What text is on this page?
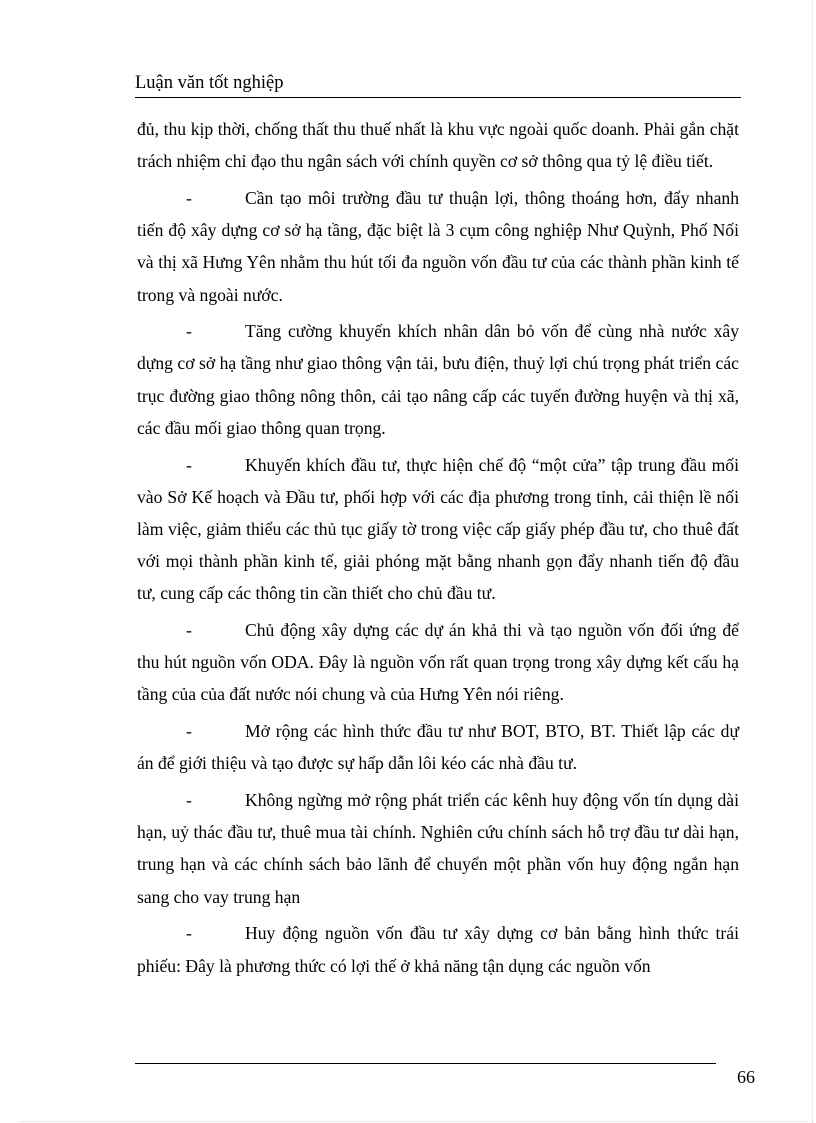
Luận văn tốt nghiệp

đủ, thu kịp thời, chống thất thu thuế nhất là khu vực ngoài quốc doanh. Phải gắn chặt trách nhiệm chỉ đạo thu ngân sách với chính quyền cơ sở thông qua tỷ lệ điều tiết.

-	Cần tạo môi trường đầu tư thuận lợi, thông thoáng hơn, đẩy nhanh tiến độ xây dựng cơ sở hạ tầng, đặc biệt là 3 cụm công nghiệp Như Quỳnh, Phố Nối và thị xã Hưng Yên nhằm thu hút tối đa nguồn vốn đầu tư của các thành phần kinh tế trong và ngoài nước.

-	Tăng cường khuyến khích nhân dân bỏ vốn để cùng nhà nước xây dựng cơ sở hạ tầng như giao thông vận tải, bưu điện, thuỷ lợi chú trọng phát triển các trục đường giao thông nông thôn, cải tạo nâng cấp các tuyến đường huyện và thị xã, các đầu mối giao thông quan trọng.

-	Khuyến khích đầu tư, thực hiện chế độ “một cửa” tập trung đầu mối vào Sở Kế hoạch và Đầu tư, phối hợp với các địa phương trong tỉnh, cải thiện lề nối làm việc, giảm thiểu các thủ tục giấy tờ trong việc cấp giấy phép đầu tư, cho thuê đất với mọi thành phần kinh tế, giải phóng mặt bằng nhanh gọn đẩy nhanh tiến độ đầu tư, cung cấp các thông tin cần thiết cho chủ đầu tư.

-	Chủ động xây dựng các dự án khả thi và tạo nguồn vốn đối ứng để thu hút nguồn vốn ODA. Đây là nguồn vốn rất quan trọng trong xây dựng kết cấu hạ tầng của của đất nước nói chung và của Hưng Yên nói riêng.

-	Mở rộng các hình thức đầu tư như BOT, BTO, BT. Thiết lập các dự án để giới thiệu và tạo được sự hấp dẫn lôi kéo các nhà đầu tư.

-	Không ngừng mở rộng phát triển các kênh huy động vốn tín dụng dài hạn, uỷ thác đầu tư, thuê mua tài chính. Nghiên cứu chính sách hỗ trợ đầu tư dài hạn, trung hạn và các chính sách bảo lãnh để chuyển một phần vốn huy động ngắn hạn sang cho vay trung hạn

-	Huy động nguồn vốn đầu tư xây dựng cơ bản bằng hình thức trái phiếu: Đây là phương thức có lợi thế ở khả năng tận dụng các nguồn vốn

66
